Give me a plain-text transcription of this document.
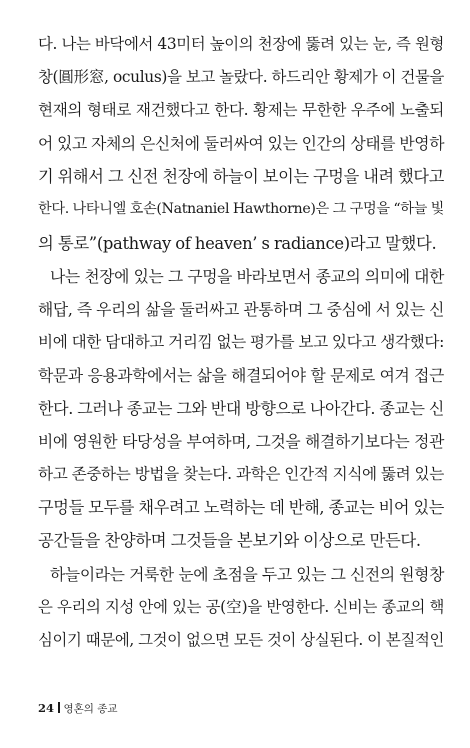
다. 나는 바닥에서 43미터 높이의 천장에 뚫려 있는 눈, 즉 원형
창(圓形窓, oculus)을 보고 놀랐다. 하드리안 황제가 이 건물을
현재의 형태로 재건했다고 한다. 황제는 무한한 우주에 노출되
어 있고 자체의 은신처에 둘러싸여 있는 인간의 상태를 반영하
기 위해서 그 신전 천장에 하늘이 보이는 구멍을 내려 했다고
한다. 나타니엘 호손(Natnaniel Hawthorne)은 그 구멍을 “하늘 빛
의 통로”(pathway of heaven’ s radiance)라고 말했다.
나는 천장에 있는 그 구멍을 바라보면서 종교의 의미에 대한
해답, 즉 우리의 삶을 둘러싸고 관통하며 그 중심에 서 있는 신
비에 대한 담대하고 거리낌 없는 평가를 보고 있다고 생각했다:
학문과 응용과학에서는 삶을 해결되어야 할 문제로 여겨 접근
한다. 그러나 종교는 그와 반대 방향으로 나아간다. 종교는 신
비에 영원한 타당성을 부여하며, 그것을 해결하기보다는 정관
하고 존중하는 방법을 찾는다. 과학은 인간적 지식에 뚫려 있는
구멍들 모두를 채우려고 노력하는 데 반해, 종교는 비어 있는
공간들을 찬양하며 그것들을 본보기와 이상으로 만든다.
하늘이라는 거룩한 눈에 초점을 두고 있는 그 신전의 원형창
은 우리의 지성 안에 있는 공(空)을 반영한다. 신비는 종교의 핵
심이기 때문에, 그것이 없으면 모든 것이 상실된다. 이 본질적인
24 영혼의 종교
